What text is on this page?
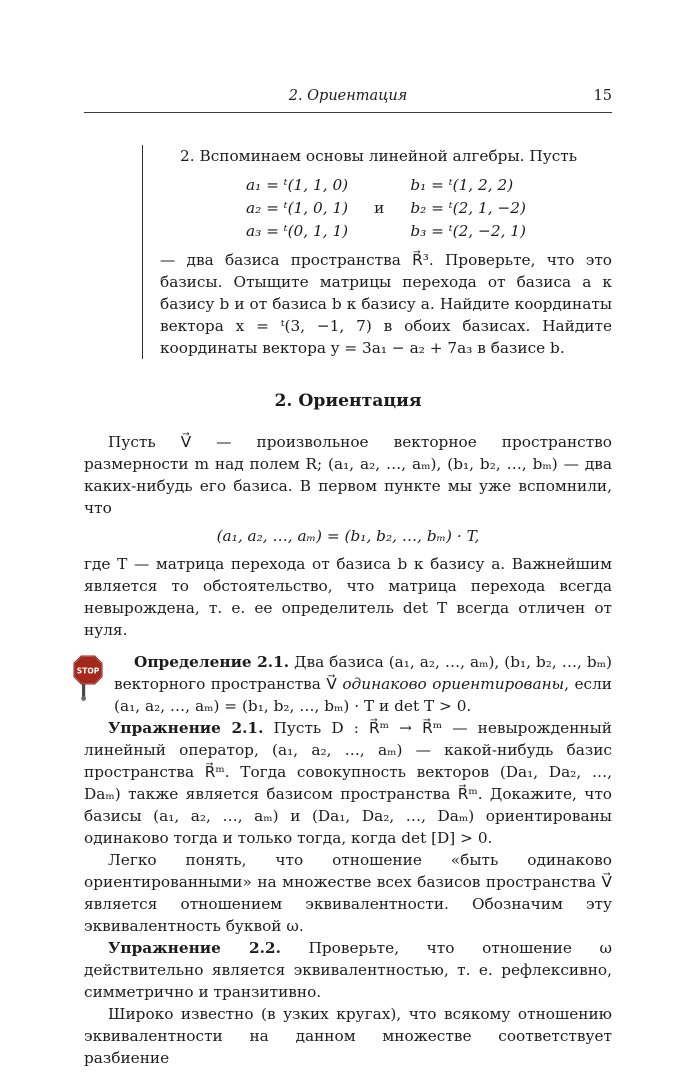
2. Ориентация	15

2. Вспоминаем основы линейной алгебры. Пусть

a₁ = ᵗ(1, 1, 0)	b₁ = ᵗ(1, 2, 2)
a₂ = ᵗ(1, 0, 1) и b₂ = ᵗ(2, 1, −2)
a₃ = ᵗ(0, 1, 1)	b₃ = ᵗ(2, −2, 1)

— два базиса пространства R⃗³. Проверьте, что это базисы. Отыщите матрицы перехода от базиса a к базису b и от базиса b к базису a. Найдите координаты вектора x = ᵗ(3, −1, 7) в обоих базисах. Найдите координаты вектора y = 3a₁ − a₂ + 7a₃ в базисе b.

2. Ориентация

Пусть V⃗ — произвольное векторное пространство размерности m над полем R; (a₁, a₂, …, aₘ), (b₁, b₂, …, bₘ) — два каких-нибудь его базиса. В первом пункте мы уже вспомнили, что

(a₁, a₂, …, aₘ) = (b₁, b₂, …, bₘ) · T,

где T — матрица перехода от базиса b к базису a. Важнейшим является то обстоятельство, что матрица перехода всегда невырождена, т. е. ее определитель det T всегда отличен от нуля.

STOP	Определение 2.1. Два базиса (a₁, a₂, …, aₘ), (b₁, b₂, …, bₘ) векторного пространства V⃗ одинаково ориентированы, если (a₁, a₂, …, aₘ) = (b₁, b₂, …, bₘ) · T и det T > 0.

Упражнение 2.1. Пусть D : R⃗ᵐ → R⃗ᵐ — невырожденный линейный оператор, (a₁, a₂, …, aₘ) — какой-нибудь базис пространства R⃗ᵐ. Тогда совокупность векторов (Da₁, Da₂, …, Daₘ) также является базисом пространства R⃗ᵐ. Докажите, что базисы (a₁, a₂, …, aₘ) и (Da₁, Da₂, …, Daₘ) ориентированы одинаково тогда и только тогда, когда det [D] > 0.

Легко понять, что отношение «быть одинаково ориентированными» на множестве всех базисов пространства V⃗ является отношением эквивалентности. Обозначим эту эквивалентность буквой ω.

Упражнение 2.2. Проверьте, что отношение ω действительно является эквивалентностью, т. е. рефлексивно, симметрично и транзитивно.

Широко известно (в узких кругах), что всякому отношению эквивалентности на данном множестве соответствует разбиение
